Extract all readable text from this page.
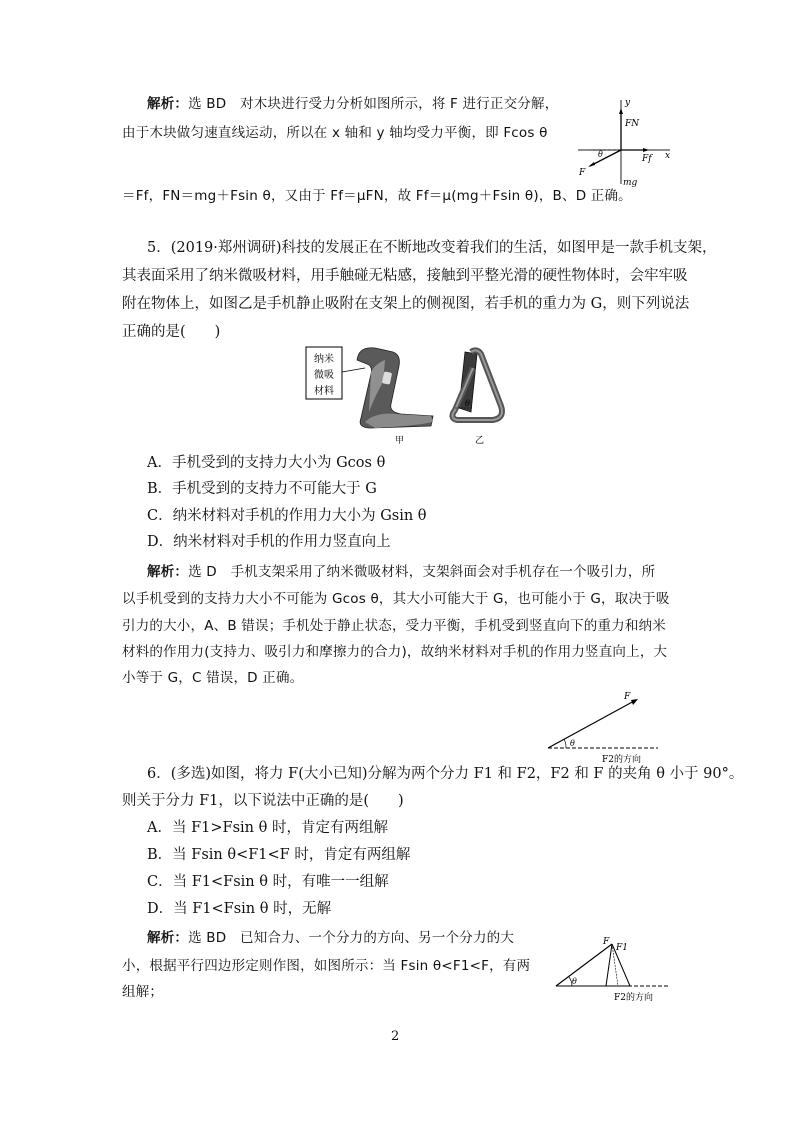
解析：选 BD　对木块进行受力分析如图所示，将 F 进行正交分解，
由于木块做匀速直线运动，所以在 x 轴和 y 轴均受力平衡，即 Fcos θ
＝Ff，FN＝mg＋Fsin θ，又由于 Ff＝μFN，故 Ff＝μ(mg＋Fsin θ)，B、D 正确。
y
FN
θ	Ff x
F
mg
5．(2019·郑州调研)科技的发展正在不断地改变着我们的生活，如图甲是一款手机支架，
其表面采用了纳米微吸材料，用手触碰无粘感，接触到平整光滑的硬性物体时，会牢牢吸
附在物体上，如图乙是手机静止吸附在支架上的侧视图，若手机的重力为 G，则下列说法
正确的是(　　)
纳米
微吸
材料
甲
θ
乙
A．手机受到的支持力大小为 Gcos θ
B．手机受到的支持力不可能大于 G
C．纳米材料对手机的作用力大小为 Gsin θ
D．纳米材料对手机的作用力竖直向上
解析：选 D　手机支架采用了纳米微吸材料，支架斜面会对手机存在一个吸引力，所
以手机受到的支持力大小不可能为 Gcos θ，其大小可能大于 G，也可能小于 G，取决于吸
引力的大小，A、B 错误；手机处于静止状态，受力平衡，手机受到竖直向下的重力和纳米
材料的作用力(支持力、吸引力和摩擦力的合力)，故纳米材料对手机的作用力竖直向上，大
小等于 G，C 错误，D 正确。
θ
F
F2的方向
6．(多选)如图，将力 F(大小已知)分解为两个分力 F1 和 F2，F2 和 F 的夹角 θ 小于 90°。
则关于分力 F1，以下说法中正确的是(　　)
A．当 F1>Fsin θ 时，肯定有两组解
B．当 Fsin θ<F1<F 时，肯定有两组解
C．当 F1<Fsin θ 时，有唯一一组解
D．当 F1<Fsin θ 时，无解
解析：选 BD　已知合力、一个分力的方向、另一个分力的大
小，根据平行四边形定则作图，如图所示：当 Fsin θ<F1<F，有两
组解；
θ
F
F1
F2的方向
2
